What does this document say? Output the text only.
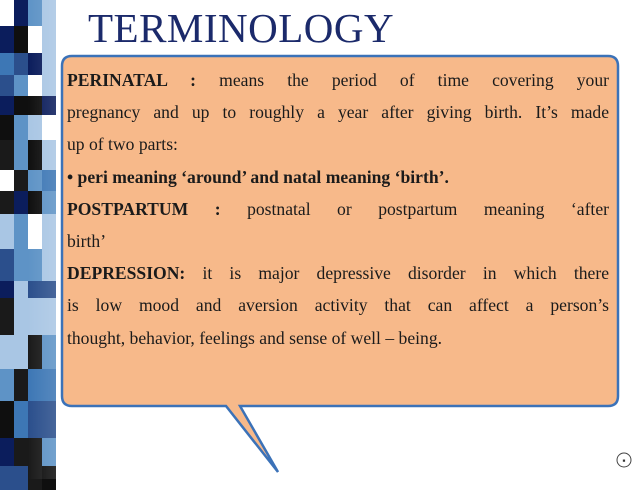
TERMINOLOGY
PERINATAL : means the period of time covering your
pregnancy and up to roughly a year after giving birth. It’s made
up of two parts:
• peri meaning ‘around’ and natal meaning ‘birth’.
POSTPARTUM : postnatal or postpartum meaning ‘after
birth’
DEPRESSION: it is major depressive disorder in which there
is low mood and aversion activity that can affect a person’s
thought, behavior, feelings and sense of well – being.
▪
